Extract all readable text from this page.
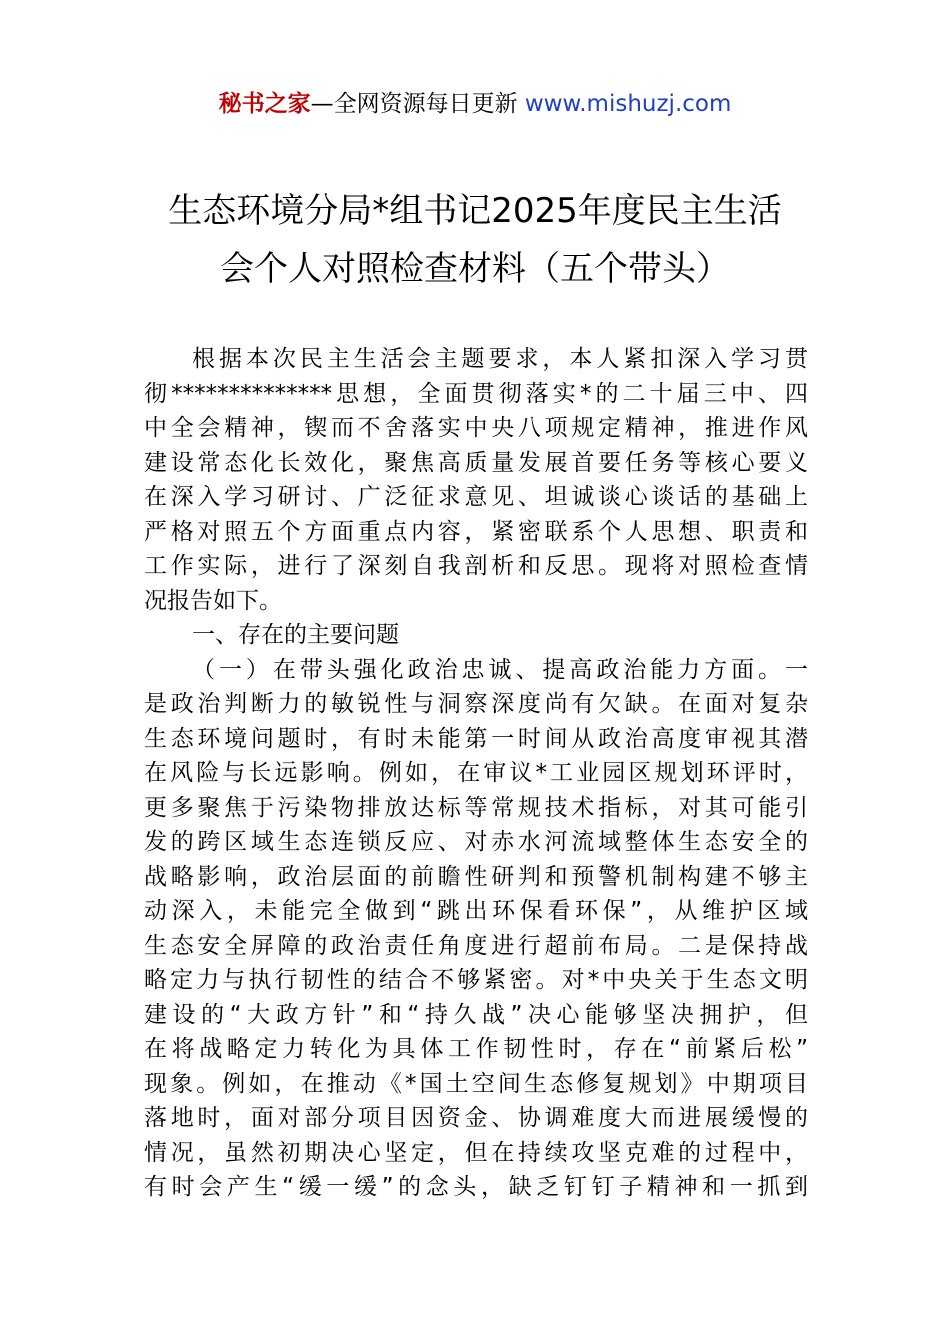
秘书之家—全网资源每日更新 www.mishuzj.com
生态环境分局*组书记2025年度民主生活
会个人对照检查材料（五个带头）
根据本次民主生活会主题要求，本人紧扣深入学习贯
彻**************思想，全面贯彻落实*的二十届三中、四
中全会精神，锲而不舍落实中央八项规定精神，推进作风
建设常态化长效化，聚焦高质量发展首要任务等核心要义
在深入学习研讨、广泛征求意见、坦诚谈心谈话的基础上
严格对照五个方面重点内容，紧密联系个人思想、职责和
工作实际，进行了深刻自我剖析和反思。现将对照检查情
况报告如下。
一、存在的主要问题
（一）在带头强化政治忠诚、提高政治能力方面。一
是政治判断力的敏锐性与洞察深度尚有欠缺。在面对复杂
生态环境问题时，有时未能第一时间从政治高度审视其潜
在风险与长远影响。例如，在审议*工业园区规划环评时，
更多聚焦于污染物排放达标等常规技术指标，对其可能引
发的跨区域生态连锁反应、对赤水河流域整体生态安全的
战略影响，政治层面的前瞻性研判和预警机制构建不够主
动深入，未能完全做到“跳出环保看环保”，从维护区域
生态安全屏障的政治责任角度进行超前布局。二是保持战
略定力与执行韧性的结合不够紧密。对*中央关于生态文明
建设的“大政方针”和“持久战”决心能够坚决拥护，但
在将战略定力转化为具体工作韧性时，存在“前紧后松”
现象。例如，在推动《*国土空间生态修复规划》中期项目
落地时，面对部分项目因资金、协调难度大而进展缓慢的
情况，虽然初期决心坚定，但在持续攻坚克难的过程中，
有时会产生“缓一缓”的念头，缺乏钉钉子精神和一抓到
